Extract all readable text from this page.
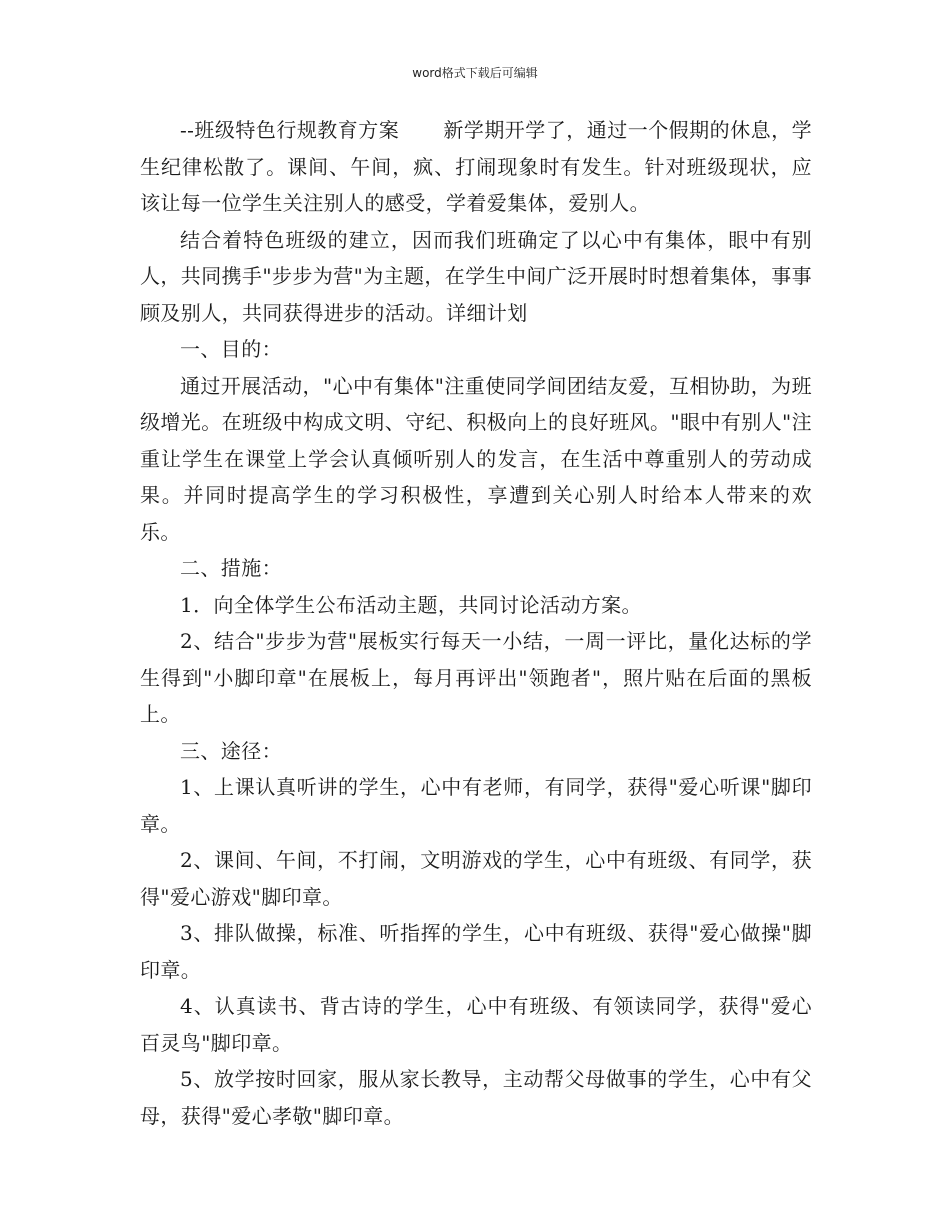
word格式下载后可编辑

--班级特色行规教育方案 新学期开学了，通过一个假期的休息，学生纪律松散了。课间、午间，疯、打闹现象时有发生。针对班级现状，应该让每一位学生关注别人的感受，学着爱集体，爱别人。

结合着特色班级的建立，因而我们班确定了以心中有集体，眼中有别人，共同携手"步步为营"为主题，在学生中间广泛开展时时想着集体，事事顾及别人，共同获得进步的活动。详细计划

一、目的：

通过开展活动，"心中有集体"注重使同学间团结友爱，互相协助，为班级增光。在班级中构成文明、守纪、积极向上的良好班风。"眼中有别人"注重让学生在课堂上学会认真倾听别人的发言，在生活中尊重别人的劳动成果。并同时提高学生的学习积极性，享遭到关心别人时给本人带来的欢乐。

二、措施：

1．向全体学生公布活动主题，共同讨论活动方案。

2、结合"步步为营"展板实行每天一小结，一周一评比，量化达标的学生得到"小脚印章"在展板上，每月再评出"领跑者"，照片贴在后面的黑板上。

三、途径：

1、上课认真听讲的学生，心中有老师，有同学，获得"爱心听课"脚印章。

2、课间、午间，不打闹，文明游戏的学生，心中有班级、有同学，获得"爱心游戏"脚印章。

3、排队做操，标准、听指挥的学生，心中有班级、获得"爱心做操"脚印章。

4、认真读书、背古诗的学生，心中有班级、有领读同学，获得"爱心百灵鸟"脚印章。

5、放学按时回家，服从家长教导，主动帮父母做事的学生，心中有父母，获得"爱心孝敬"脚印章。
